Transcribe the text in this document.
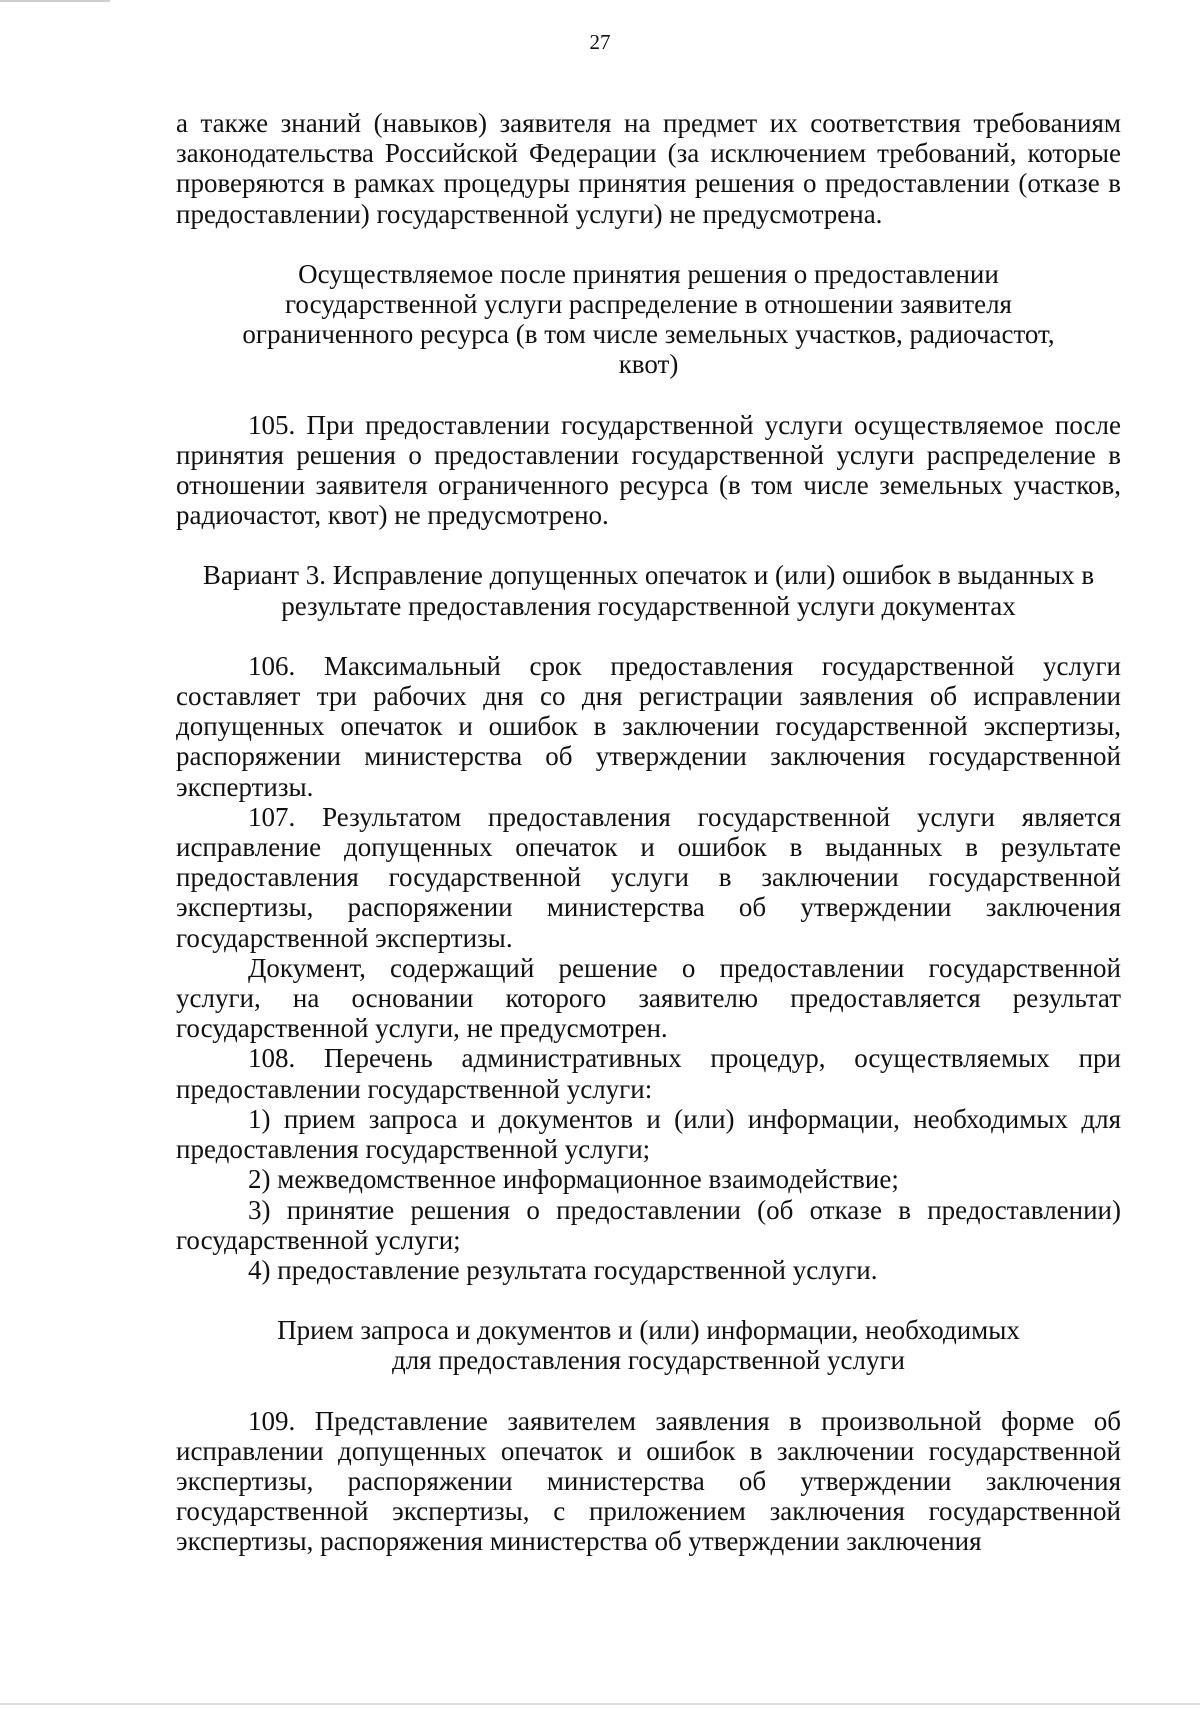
27

а также знаний (навыков) заявителя на предмет их соответствия требованиям законодательства Российской Федерации (за исключением требований, которые проверяются в рамках процедуры принятия решения о предоставлении (отказе в предоставлении) государственной услуги) не предусмотрена.

Осуществляемое после принятия решения о предоставлении государственной услуги распределение в отношении заявителя ограниченного ресурса (в том числе земельных участков, радиочастот, квот)

105. При предоставлении государственной услуги осуществляемое после принятия решения о предоставлении государственной услуги распределение в отношении заявителя ограниченного ресурса (в том числе земельных участков, радиочастот, квот) не предусмотрено.

Вариант 3. Исправление допущенных опечаток и (или) ошибок в выданных в результате предоставления государственной услуги документах

106. Максимальный срок предоставления государственной услуги составляет три рабочих дня со дня регистрации заявления об исправлении допущенных опечаток и ошибок в заключении государственной экспертизы, распоряжении министерства об утверждении заключения государственной экспертизы.

107. Результатом предоставления государственной услуги является исправление допущенных опечаток и ошибок в выданных в результате предоставления государственной услуги в заключении государственной экспертизы, распоряжении министерства об утверждении заключения государственной экспертизы.

Документ, содержащий решение о предоставлении государственной услуги, на основании которого заявителю предоставляется результат государственной услуги, не предусмотрен.

108. Перечень административных процедур, осуществляемых при предоставлении государственной услуги:

1) прием запроса и документов и (или) информации, необходимых для предоставления государственной услуги;

2) межведомственное информационное взаимодействие;

3) принятие решения о предоставлении (об отказе в предоставлении) государственной услуги;

4) предоставление результата государственной услуги.

Прием запроса и документов и (или) информации, необходимых для предоставления государственной услуги

109. Представление заявителем заявления в произвольной форме об исправлении допущенных опечаток и ошибок в заключении государственной экспертизы, распоряжении министерства об утверждении заключения государственной экспертизы, с приложением заключения государственной экспертизы, распоряжения министерства об утверждении заключения
